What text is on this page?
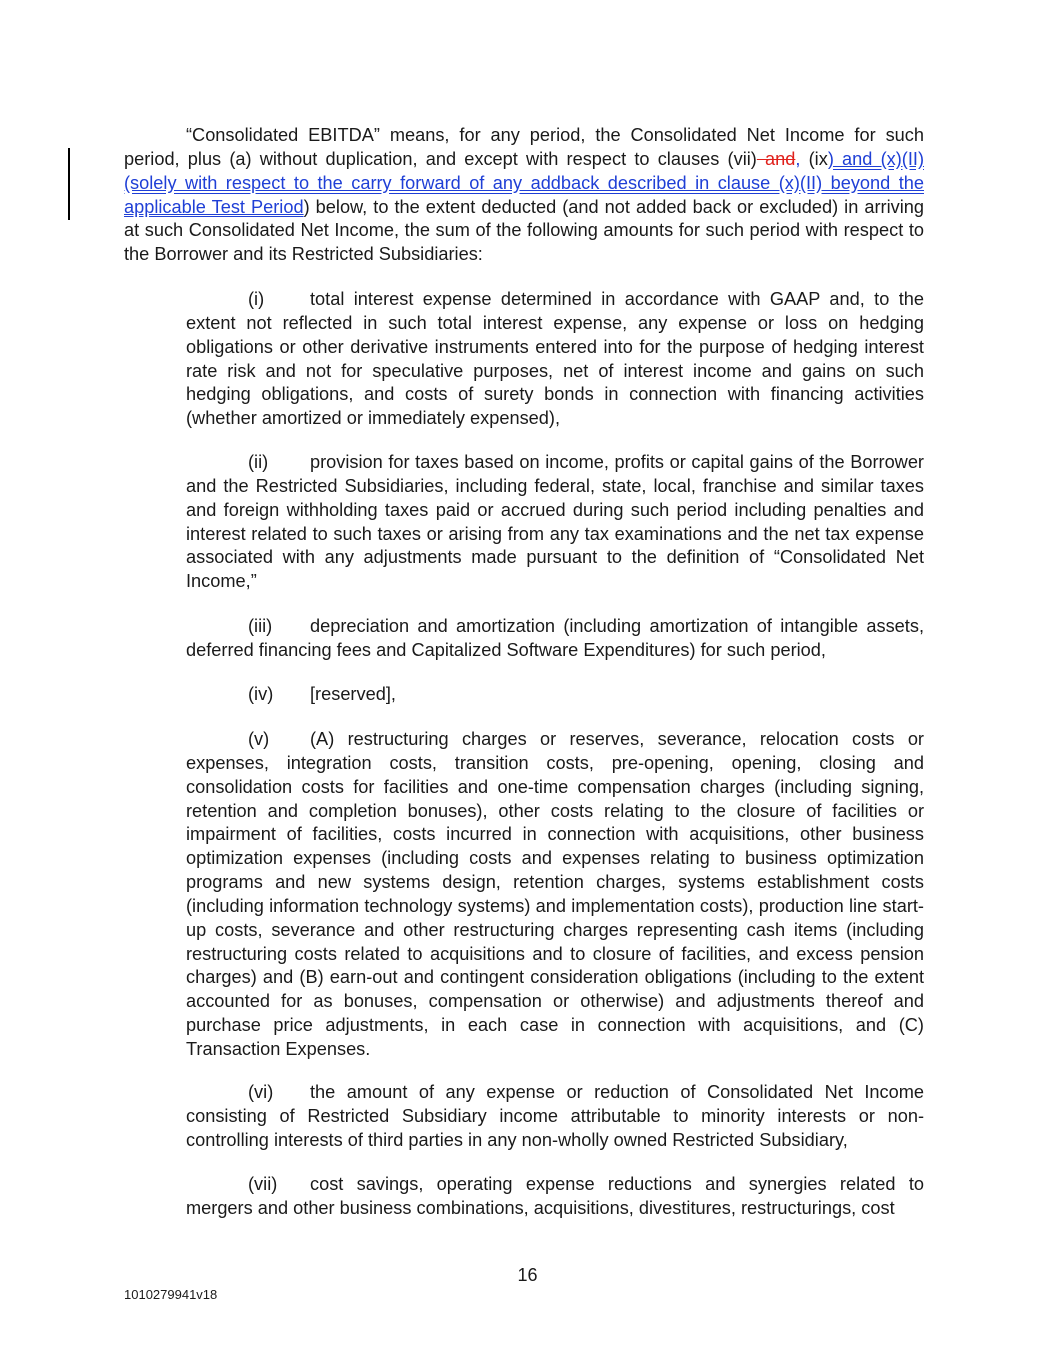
“Consolidated EBITDA” means, for any period, the Consolidated Net Income for such period, plus (a) without duplication, and except with respect to clauses (vii) and, (ix) and (x)(II) (solely with respect to the carry forward of any addback described in clause (x)(II) beyond the applicable Test Period) below, to the extent deducted (and not added back or excluded) in arriving at such Consolidated Net Income, the sum of the following amounts for such period with respect to the Borrower and its Restricted Subsidiaries:

(i)	total interest expense determined in accordance with GAAP and, to the extent not reflected in such total interest expense, any expense or loss on hedging obligations or other derivative instruments entered into for the purpose of hedging interest rate risk and not for speculative purposes, net of interest income and gains on such hedging obligations, and costs of surety bonds in connection with financing activities (whether amortized or immediately expensed),

(ii) provision for taxes based on income, profits or capital gains of the Borrower and the Restricted Subsidiaries, including federal, state, local, franchise and similar taxes and foreign withholding taxes paid or accrued during such period including penalties and interest related to such taxes or arising from any tax examinations and the net tax expense associated with any adjustments made pursuant to the definition of “Consolidated Net Income,”

(iii) depreciation and amortization (including amortization of intangible assets, deferred financing fees and Capitalized Software Expenditures) for such period,

(iv) [reserved],

(v) (A) restructuring charges or reserves, severance, relocation costs or expenses, integration costs, transition costs, pre-opening, opening, closing and consolidation costs for facilities and one-time compensation charges (including signing, retention and completion bonuses), other costs relating to the closure of facilities or impairment of facilities, costs incurred in connection with acquisitions, other business optimization expenses (including costs and expenses relating to business optimization programs and new systems design, retention charges, systems establishment costs (including information technology systems) and implementation costs), production line start-up costs, severance and other restructuring charges representing cash items (including restructuring costs related to acquisitions and to closure of facilities, and excess pension charges) and (B) earn-out and contingent consideration obligations (including to the extent accounted for as bonuses, compensation or otherwise) and adjustments thereof and purchase price adjustments, in each case in connection with acquisitions, and (C) Transaction Expenses.

(vi) the amount of any expense or reduction of Consolidated Net Income consisting of Restricted Subsidiary income attributable to minority interests or non-controlling interests of third parties in any non-wholly owned Restricted Subsidiary,

(vii) cost savings, operating expense reductions and synergies related to mergers and other business combinations, acquisitions, divestitures, restructurings, cost

16
1010279941v18
